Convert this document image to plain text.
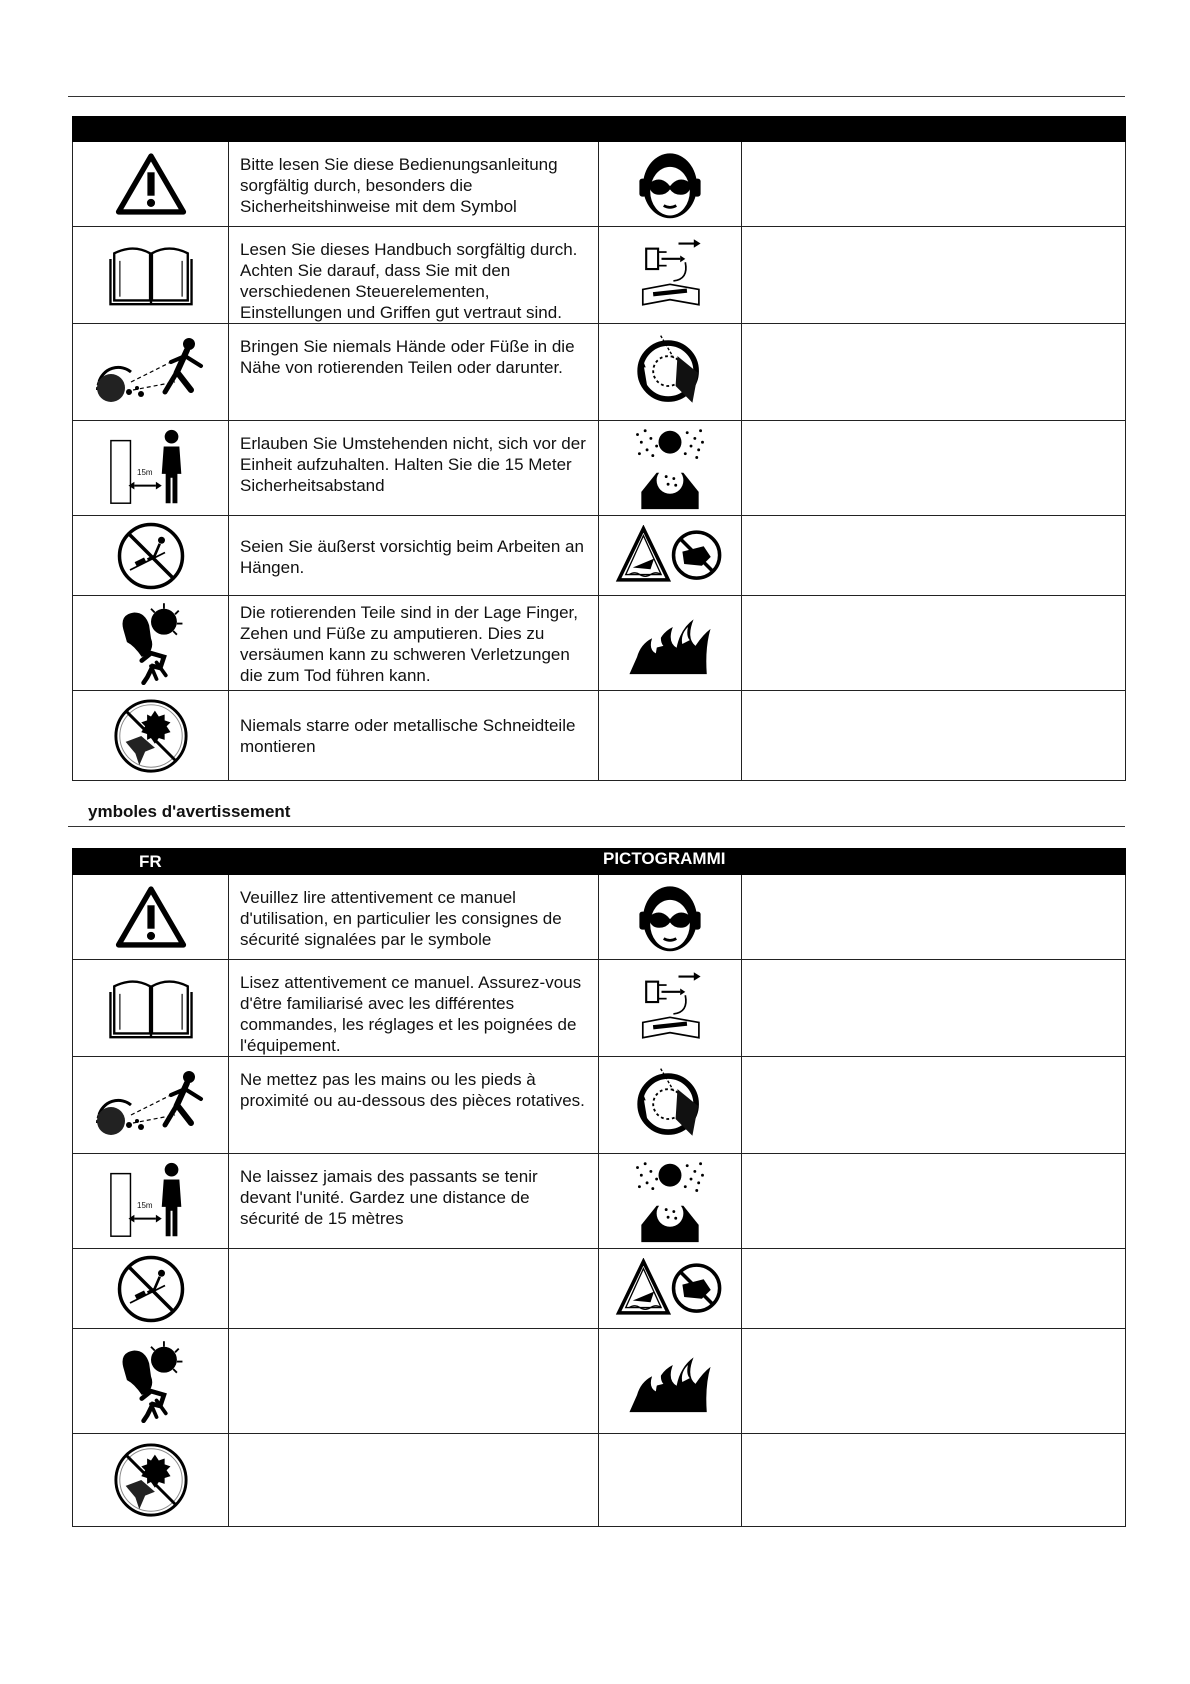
	Bitte lesen Sie diese Bedienungsanleitung sorgfältig durch, besonders die Sicherheitshinweise mit dem Symbol		
	Lesen Sie dieses Handbuch sorgfältig durch. Achten Sie darauf, dass Sie mit den verschiedenen Steuerelementen, Einstellungen und Griffen gut vertraut sind.		
	Bringen Sie niemals Hände oder Füße in die Nähe von rotierenden Teilen oder darunter.		

15m	Erlauben Sie Umstehenden nicht, sich vor der Einheit aufzuhalten. Halten Sie die 15 Meter Sicherheitsabstand		
	Seien Sie äußerst vorsichtig beim Arbeiten an Hängen.		
	Die rotierenden Teile sind in der Lage Finger, Zehen und Füße zu amputieren. Dies zu versäumen kann zu schweren Verletzungen die zum Tod führen kann.		
	Niemals starre oder metallische Schneidteile montieren		
ymboles d'avertissement
FR		PICTOGRAMMI	
	Veuillez lire attentivement ce manuel d'utilisation, en particulier les consignes de sécurité signalées par le symbole		
	Lisez attentivement ce manuel. Assurez-vous d'être familiarisé avec les différentes commandes, les réglages et les poignées de l'équipement.		
	Ne mettez pas les mains ou les pieds à proximité ou au-dessous des pièces rotatives.		

15m	Ne laissez jamais des passants se tenir devant l'unité. Gardez une distance de sécurité de 15 mètres		
